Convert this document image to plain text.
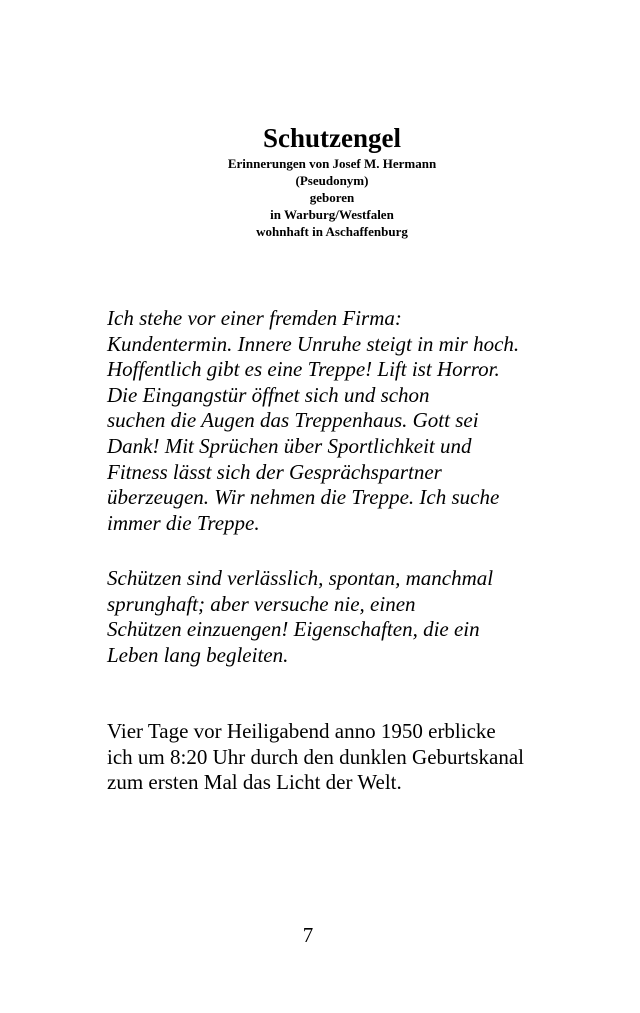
Schutzengel

Erinnerungen von Josef M. Hermann

(Pseudonym)

geboren

in Warburg/Westfalen

wohnhaft in Aschaffenburg

Ich stehe vor einer fremden Firma:
Kundentermin. Innere Unruhe steigt in mir hoch.
Hoffentlich gibt es eine Treppe! Lift ist Horror.
Die Eingangstür öffnet sich und schon
suchen die Augen das Treppenhaus. Gott sei
Dank! Mit Sprüchen über Sportlichkeit und
Fitness lässt sich der Gesprächspartner
überzeugen. Wir nehmen die Treppe. Ich suche
immer die Treppe.

Schützen sind verlässlich, spontan, manchmal
sprunghaft; aber versuche nie, einen
Schützen einzuengen! Eigenschaften, die ein
Leben lang begleiten.

Vier Tage vor Heiligabend anno 1950 erblicke
ich um 8:20 Uhr durch den dunklen Geburtskanal
zum ersten Mal das Licht der Welt.

7
